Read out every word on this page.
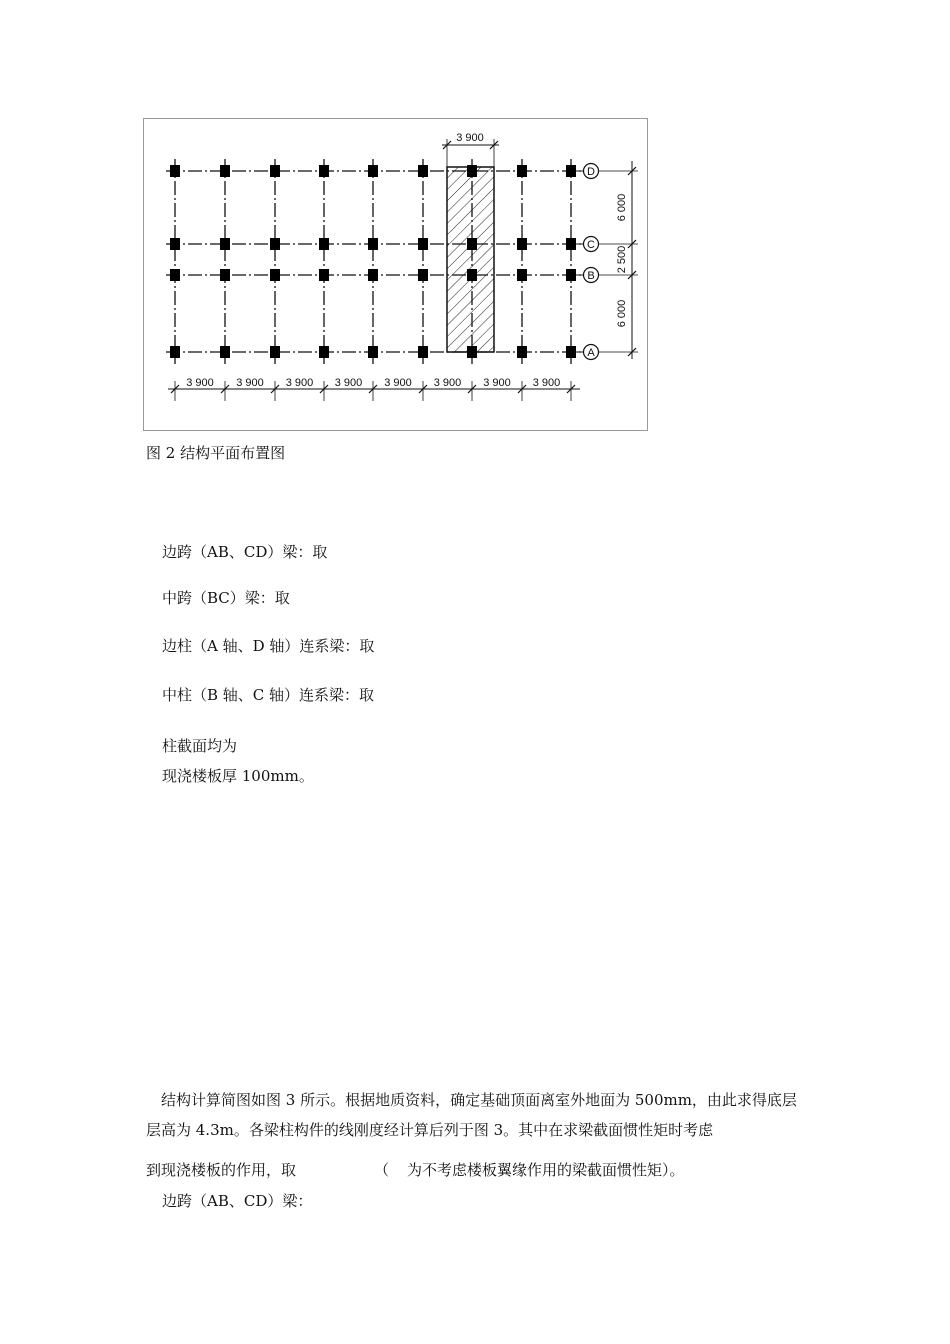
D
C
B
A
6 000
2 500
6 000
3 900 3 900 3 900 3 900 3 900 3 900 3 900 3 900
3 900
图 2 结构平面布置图
边跨（AB、CD）梁：取
中跨（BC）梁：取
边柱（A 轴、D 轴）连系梁：取
中柱（B 轴、C 轴）连系梁：取
柱截面均为
现浇楼板厚 100mm。
结构计算简图如图 3 所示。根据地质资料，确定基础顶面离室外地面为 500mm，由此求得底层层高为 4.3m。各梁柱构件的线刚度经计算后列于图 3。其中在求梁截面惯性矩时考虑
到现浇楼板的作用，取	（ 为不考虑楼板翼缘作用的梁截面惯性矩）。
边跨（AB、CD）梁：
